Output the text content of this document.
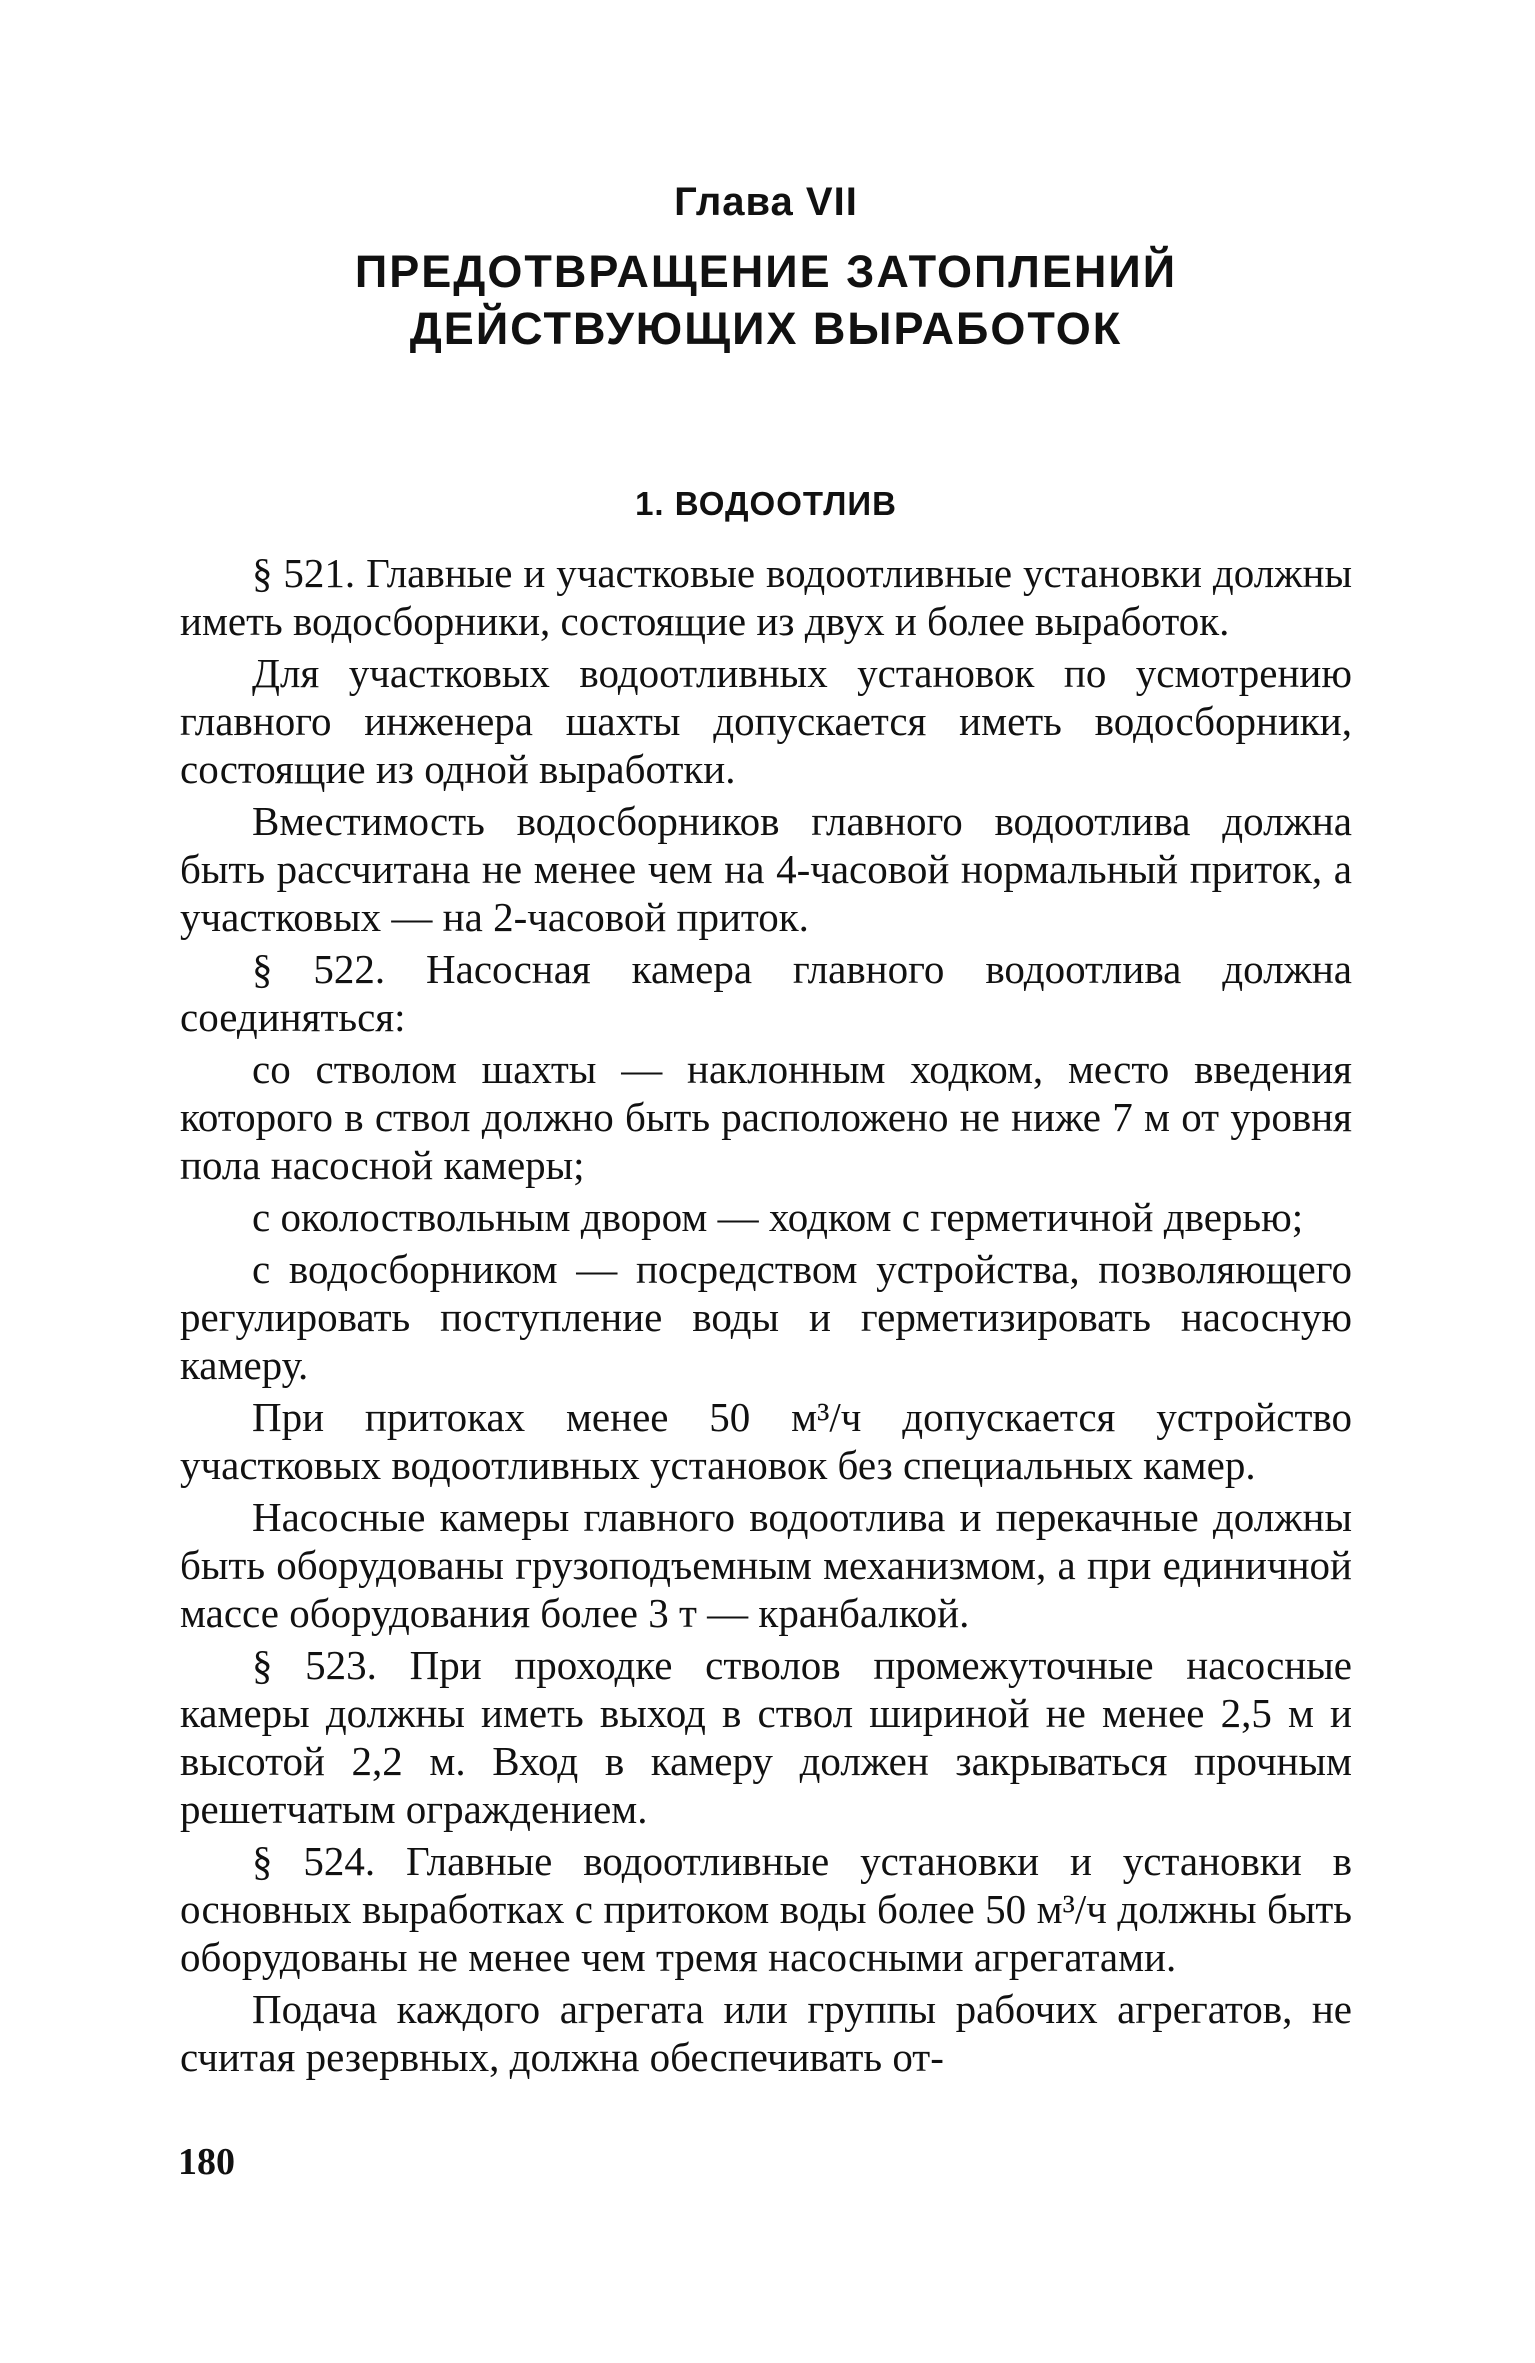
Глава VII
ПРЕДОТВРАЩЕНИЕ ЗАТОПЛЕНИЙ
ДЕЙСТВУЮЩИХ ВЫРАБОТОК
1. ВОДООТЛИВ

§ 521. Главные и участковые водоотливные установки должны иметь водосборники, состоящие из двух и более выработок.

Для участковых водоотливных установок по усмотрению главного инженера шахты допускается иметь водосборники, состоящие из одной выработки.

Вместимость водосборников главного водоотлива должна быть рассчитана не менее чем на 4-часовой нормальный приток, а участковых — на 2-часовой приток.

§ 522. Насосная камера главного водоотлива должна соединяться:

со стволом шахты — наклонным ходком, место введения которого в ствол должно быть расположено не ниже 7 м от уровня пола насосной камеры;

с околоствольным двором — ходком с герметичной дверью;

с водосборником — посредством устройства, позволяющего регулировать поступление воды и герметизировать насосную камеру.

При притоках менее 50 м³/ч допускается устройство участковых водоотливных установок без специальных камер.

Насосные камеры главного водоотлива и перекачные должны быть оборудованы грузоподъемным механизмом, а при единичной массе оборудования более 3 т — кранбалкой.

§ 523. При проходке стволов промежуточные насосные камеры должны иметь выход в ствол шириной не менее 2,5 м и высотой 2,2 м. Вход в камеру должен закрываться прочным решетчатым ограждением.

§ 524. Главные водоотливные установки и установки в основных выработках с притоком воды более 50 м³/ч должны быть оборудованы не менее чем тремя насосными агрегатами.

Подача каждого агрегата или группы рабочих агрегатов, не считая резервных, должна обеспечивать от-

180
